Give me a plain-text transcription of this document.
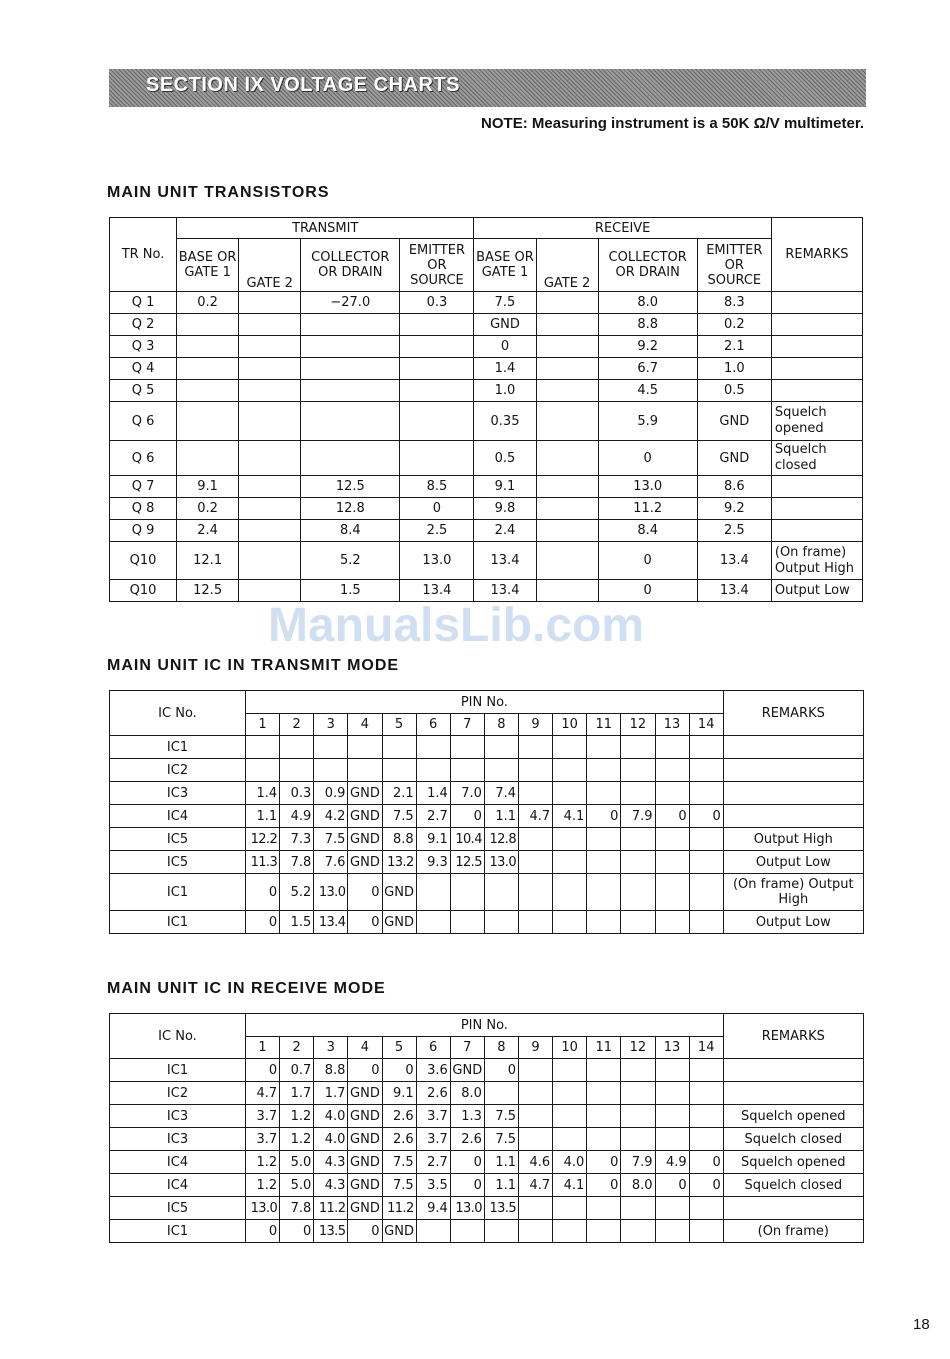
SECTION IX VOLTAGE CHARTS
NOTE: Measuring instrument is a 50K Ω/V multimeter.
MAIN UNIT TRANSISTORS
TR No.	TRANSMIT				RECEIVE				REMARKS
	BASE OR GATE 1	GATE 2	COLLECTOR OR DRAIN	EMITTER OR SOURCE	BASE OR GATE 1	GATE 2	COLLECTOR OR DRAIN	EMITTER OR SOURCE	
Q 1	0.2		−27.0	0.3	7.5		8.0	8.3	
Q 2					GND		8.8	0.2	
Q 3					0		9.2	2.1	
Q 4					1.4		6.7	1.0	
Q 5					1.0		4.5	0.5	
Q 6					0.35		5.9	GND	Squelch opened
Q 6					0.5		0	GND	Squelch closed
Q 7	9.1		12.5	8.5	9.1		13.0	8.6	
Q 8	0.2		12.8	0	9.8		11.2	9.2	
Q 9	2.4		8.4	2.5	2.4		8.4	2.5	
Q10	12.1		5.2	13.0	13.4		0	13.4	(On frame) Output High
Q10	12.5		1.5	13.4	13.4		0	13.4	Output Low
ManualsLib.com
MAIN UNIT IC IN TRANSMIT MODE
IC No.	PIN No.														REMARKS
	1	2	3	4	5	6	7	8	9	10	11	12	13	14	
IC1															
IC2															
IC3	1.4	0.3	0.9	GND	2.1	1.4	7.0	7.4							
IC4	1.1	4.9	4.2	GND	7.5	2.7	0	1.1	4.7	4.1	0	7.9	0	0	
IC5	12.2	7.3	7.5	GND	8.8	9.1	10.4	12.8							Output High
IC5	11.3	7.8	7.6	GND	13.2	9.3	12.5	13.0							Output Low
IC1	0	5.2	13.0	0	GND										(On frame) Output High
IC1	0	1.5	13.4	0	GND										Output Low
MAIN UNIT IC IN RECEIVE MODE
IC No.	PIN No.														REMARKS
	1	2	3	4	5	6	7	8	9	10	11	12	13	14	
IC1	0	0.7	8.8	0	0	3.6	GND	0							
IC2	4.7	1.7	1.7	GND	9.1	2.6	8.0								
IC3	3.7	1.2	4.0	GND	2.6	3.7	1.3	7.5							Squelch opened
IC3	3.7	1.2	4.0	GND	2.6	3.7	2.6	7.5							Squelch closed
IC4	1.2	5.0	4.3	GND	7.5	2.7	0	1.1	4.6	4.0	0	7.9	4.9	0	Squelch opened
IC4	1.2	5.0	4.3	GND	7.5	3.5	0	1.1	4.7	4.1	0	8.0	0	0	Squelch closed
IC5	13.0	7.8	11.2	GND	11.2	9.4	13.0	13.5							
IC1	0	0	13.5	0	GND										(On frame)
18
